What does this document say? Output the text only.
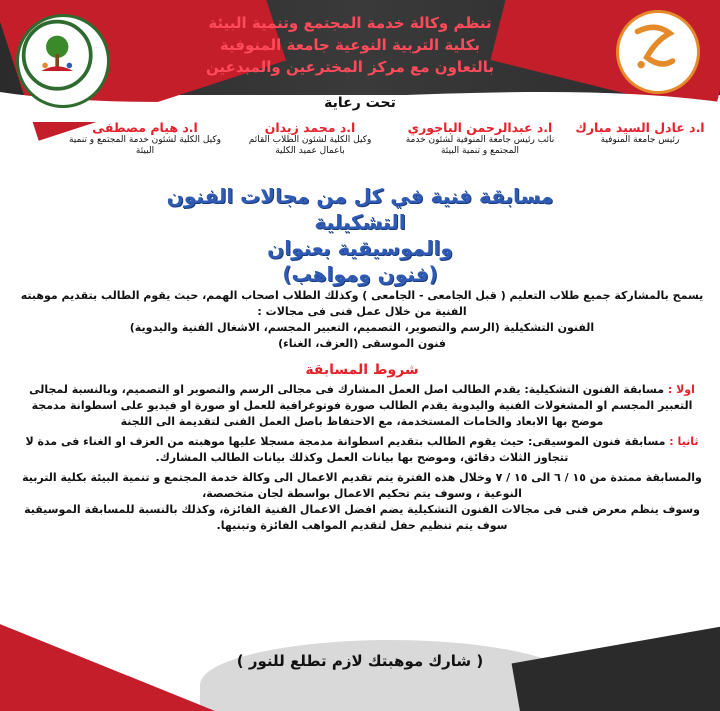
تنظم وكالة خدمة المجتمع وتنمية البيئة
بكلية التربية النوعية جامعة المنوفية
بالتعاون مع مركز المخترعين والمبدعين
تحت رعاية
ا.د عادل السيد مبارك
رئيس جامعة المنوفية
ا.د عبدالرحمن الباجوري
نائب رئيس جامعة المنوفية لشئون خدمة المجتمع و تنمية البيئة
ا.د محمد زيدان
وكيل الكلية لشئون الطلاب القائم باعمال عميد الكلية
ا.د هيام مصطفى
وكيل الكلية لشئون خدمة المجتمع و تنمية البيئة
مسابقة فنية في كل من مجالات الفنون التشكيلية
والموسيقية بعنوان
(فنون ومواهب)
يسمح بالمشاركة جميع طلاب التعليم ( قبل الجامعى - الجامعى ) وكذلك الطلاب اصحاب الهمم، حيث يقوم الطالب بتقديم موهبته
الفنية من خلال عمل فنى فى مجالات :
الفنون التشكيلية (الرسم والتصوير، التصميم، التعبير المجسم، الاشغال الفنية واليدوية)
فنون الموسقى (العزف، الغناء)
شروط المسابقة
اولا : مسابقة الفنون التشكيلية: يقدم الطالب اصل العمل المشارك فى مجالى الرسم والتصوير او التصميم، وبالنسبة لمجالى التعبير المجسم او المشغولات الفنية واليدوية يقدم الطالب صورة فوتوغرافية للعمل او صورة او فيديو على اسطوانة مدمجة موضح بها الابعاد والخامات المستخدمة، مع الاحتفاظ باصل العمل الفنى لتقديمة الى اللجنة
ثانيا : مسابقة فنون الموسيقى: حيث يقوم الطالب بتقديم اسطوانة مدمجة مسجلا عليها موهبته من العزف او الغناء فى مدة لا تتجاوز الثلاث دقائق، وموضح بها بيانات العمل وكذلك بيانات الطالب المشارك.
والمسابقة ممتدة من ١٥ / ٦ الى ١٥ / ٧ وخلال هذه الفترة يتم تقديم الاعمال الى وكالة خدمة المجتمع و تنمية البيئة بكلية التربية النوعية ، وسوف يتم تحكيم الاعمال بواسطة لجان متخصصة،
وسوف ينظم معرض فنى فى مجالات الفنون التشكيلية يضم افضل الاعمال الفنية الفائزة، وكذلك بالنسبة للمسابقة الموسيقية سوف يتم تنظيم حفل لتقديم المواهب الفائزة وتبنيها.
( شارك موهبتك لازم تطلع للنور )
